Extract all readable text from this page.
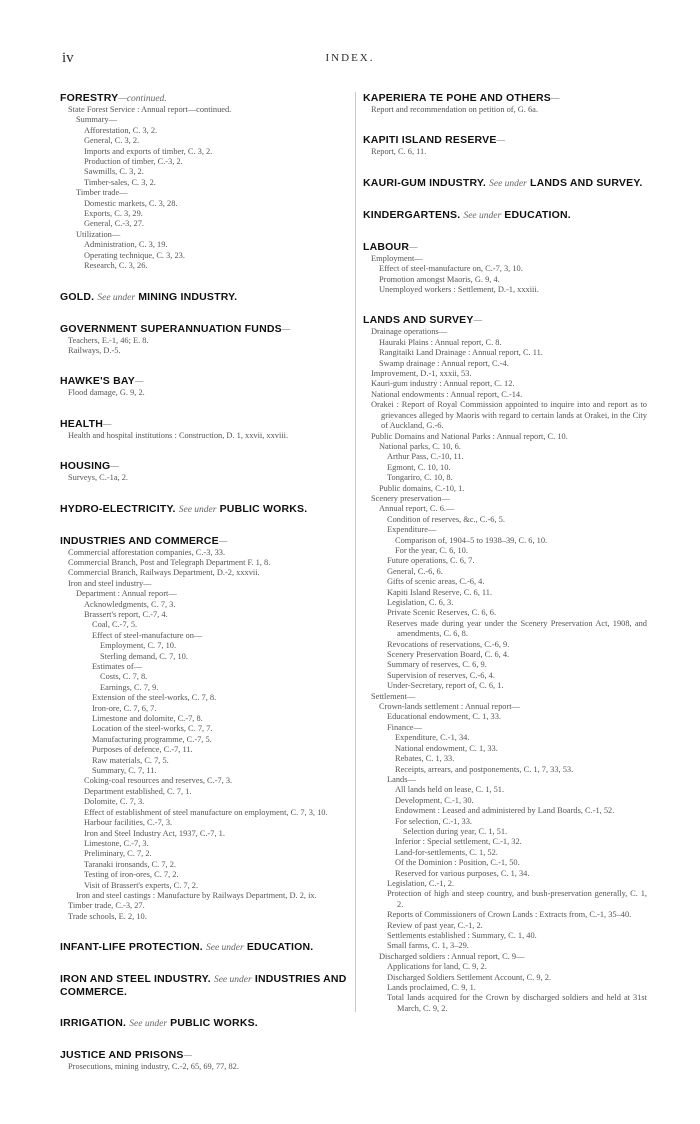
iv	INDEX.
FORESTRY—continued.
State Forest Service : Annual report—continued.
Summary—
Afforestation, C. 3, 2.
General, C. 3, 2.
Imports and exports of timber, C. 3, 2.
Production of timber, C.-3, 2.
Sawmills, C. 3, 2.
Timber-sales, C. 3, 2.
Timber trade—
Domestic markets, C. 3, 28.
Exports, C. 3, 29.
General, C.-3, 27.
Utilization—
Administration, C. 3, 19.
Operating technique, C. 3, 23.
Research, C. 3, 26.
GOLD. See under MINING INDUSTRY.
GOVERNMENT SUPERANNUATION FUNDS—
Teachers, E.-1, 46; E. 8.
Railways, D.-5.
HAWKE'S BAY—
Flood damage, G. 9, 2.
HEALTH—
Health and hospital institutions : Construction, D. 1, xxvii, xxviii.
HOUSING—
Surveys, C.-1a, 2.
HYDRO-ELECTRICITY. See under PUBLIC WORKS.
INDUSTRIES AND COMMERCE—
Commercial afforestation companies, C.-3, 33.
Commercial Branch, Post and Telegraph Department F. 1, 8.
Commercial Branch, Railways Department, D.-2, xxxvii.
Iron and steel industry—
Department : Annual report—
Acknowledgments, C. 7, 3.
Brassert's report, C.-7, 4.
Coal, C.-7, 5.
Effect of steel-manufacture on—
Employment, C. 7, 10.
Sterling demand, C. 7, 10.
Estimates of—
Costs, C. 7, 8.
Earnings, C. 7, 9.
Extension of the steel-works, C. 7, 8.
Iron-ore, C. 7, 6, 7.
Limestone and dolomite, C.-7, 8.
Location of the steel-works, C. 7, 7.
Manufacturing programme, C.-7, 5.
Purposes of defence, C.-7, 11.
Raw materials, C. 7, 5.
Summary, C. 7, 11.
Coking-coal resources and reserves, C.-7, 3.
Department established, C. 7, 1.
Dolomite, C. 7, 3.
Effect of establishment of steel manufacture on employment, C. 7, 3, 10.
Harbour facilities, C.-7, 3.
Iron and Steel Industry Act, 1937, C.-7, 1.
Limestone, C.-7, 3.
Preliminary, C. 7, 2.
Taranaki ironsands, C. 7, 2.
Testing of iron-ores, C. 7, 2.
Visit of Brassert's experts, C. 7, 2.
Iron and steel castings : Manufacture by Railways Department, D. 2, ix.
Timber trade, C.-3, 27.
Trade schools, E. 2, 10.
INFANT-LIFE PROTECTION. See under EDUCATION.
IRON AND STEEL INDUSTRY. See under INDUSTRIES AND COMMERCE.
IRRIGATION. See under PUBLIC WORKS.
JUSTICE AND PRISONS—
Prosecutions, mining industry, C.-2, 65, 69, 77, 82.
KAPERIERA TE POHE AND OTHERS—
Report and recommendation on petition of, G. 6a.
KAPITI ISLAND RESERVE—
Report, C. 6, 11.
KAURI-GUM INDUSTRY. See under LANDS AND SURVEY.
KINDERGARTENS. See under EDUCATION.
LABOUR—
Employment—
Effect of steel-manufacture on, C.-7, 3, 10.
Promotion amongst Maoris, G. 9, 4.
Unemployed workers : Settlement, D.-1, xxxiii.
LANDS AND SURVEY—
Drainage operations—
Hauraki Plains : Annual report, C. 8.
Rangitaiki Land Drainage : Annual report, C. 11.
Swamp drainage : Annual report, C.-4.
Improvement, D.-1, xxxii, 53.
Kauri-gum industry : Annual report, C. 12.
National endowments : Annual report, C.-14.
Orakei : Report of Royal Commission appointed to inquire into and report as to grievances alleged by Maoris with regard to certain lands at Orakei, in the City of Auckland, G.-6.
Public Domains and National Parks : Annual report, C. 10.
National parks, C. 10, 6.
Arthur Pass, C.-10, 11.
Egmont, C. 10, 10.
Tongariro, C. 10, 8.
Public domains, C.-10, 1.
Scenery preservation—
Annual report, C. 6.—
Condition of reserves, &c., C.-6, 5.
Expenditure—
Comparison of, 1904–5 to 1938–39, C. 6, 10.
For the year, C. 6, 10.
Future operations, C. 6, 7.
General, C.-6, 6.
Gifts of scenic areas, C.-6, 4.
Kapiti Island Reserve, C. 6, 11.
Legislation, C. 6, 3.
Private Scenic Reserves, C. 6, 6.
Reserves made during year under the Scenery Preservation Act, 1908, and amendments, C. 6, 8.
Revocations of reservations, C.-6, 9.
Scenery Preservation Board, C. 6, 4.
Summary of reserves, C. 6, 9.
Supervision of reserves, C.-6, 4.
Under-Secretary, report of, C. 6, 1.
Settlement—
Crown-lands settlement : Annual report—
Educational endowment, C. 1, 33.
Finance—
Expenditure, C.-1, 34.
National endowment, C. 1, 33.
Rebates, C. 1, 33.
Receipts, arrears, and postponements, C. 1, 7, 33, 53.
Lands—
All lands held on lease, C. 1, 51.
Development, C.-1, 30.
Endowment : Leased and administered by Land Boards, C.-1, 52.
For selection, C.-1, 33.
Selection during year, C. 1, 51.
Inferior : Special settlement, C.-1, 32.
Land-for-settlements, C. 1, 52.
Of the Dominion : Position, C.-1, 50.
Reserved for various purposes, C. 1, 34.
Legislation, C.-1, 2.
Protection of high and steep country, and bush-preservation generally, C. 1, 2.
Reports of Commissioners of Crown Lands : Extracts from, C.-1, 35–40.
Review of past year, C.-1, 2.
Settlements established : Summary, C. 1, 40.
Small farms, C. 1, 3–29.
Discharged soldiers : Annual report, C. 9—
Applications for land, C. 9, 2.
Discharged Soldiers Settlement Account, C. 9, 2.
Lands proclaimed, C. 9, 1.
Total lands acquired for the Crown by discharged soldiers and held at 31st March, C. 9, 2.
